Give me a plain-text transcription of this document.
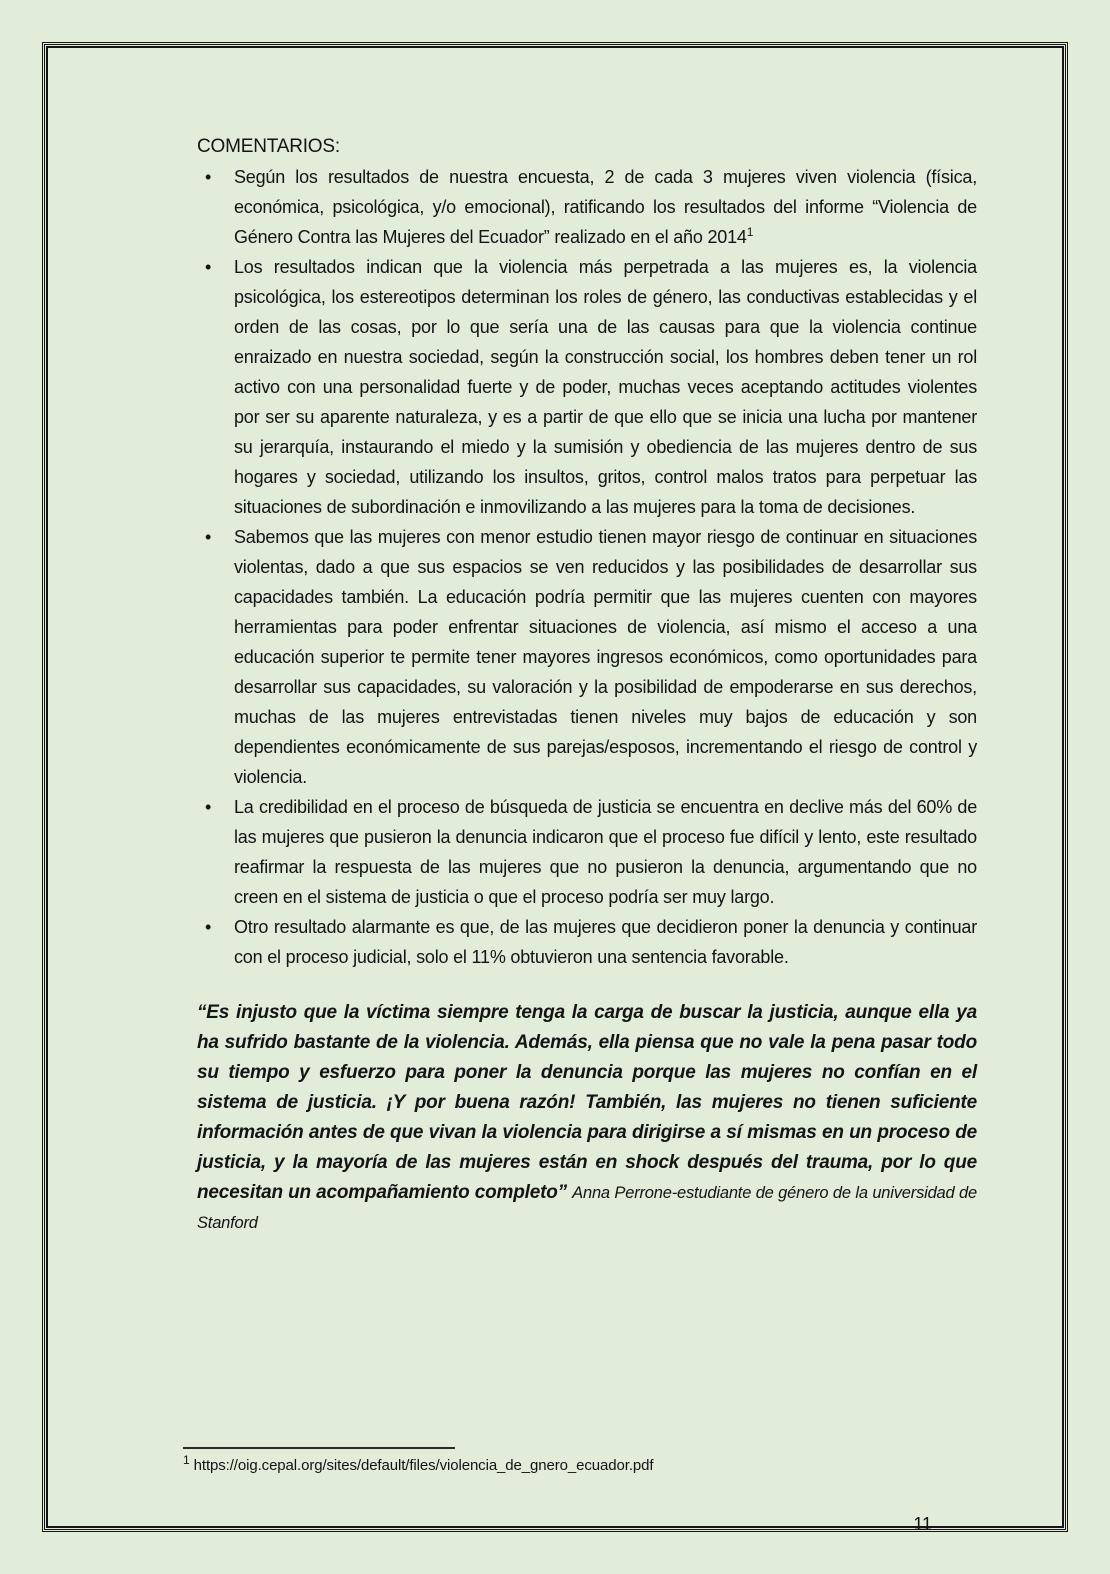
COMENTARIOS:
• Según los resultados de nuestra encuesta, 2 de cada 3 mujeres viven violencia (física, económica, psicológica, y/o emocional), ratificando los resultados del informe “Violencia de Género Contra las Mujeres del Ecuador” realizado en el año 2014$^1$
• Los resultados indican que la violencia más perpetrada a las mujeres es, la violencia psicológica, los estereotipos determinan los roles de género, las conductivas establecidas y el orden de las cosas, por lo que sería una de las causas para que la violencia continue enraizado en nuestra sociedad, según la construcción social, los hombres deben tener un rol activo con una personalidad fuerte y de poder, muchas veces aceptando actitudes violentes por ser su aparente naturaleza, y es a partir de que ello que se inicia una lucha por mantener su jerarquía, instaurando el miedo y la sumisión y obediencia de las mujeres dentro de sus hogares y sociedad, utilizando los insultos, gritos, control malos tratos para perpetuar las situaciones de subordinación e inmovilizando a las mujeres para la toma de decisiones.
• Sabemos que las mujeres con menor estudio tienen mayor riesgo de continuar en situaciones violentas, dado a que sus espacios se ven reducidos y las posibilidades de desarrollar sus capacidades también. La educación podría permitir que las mujeres cuenten con mayores herramientas para poder enfrentar situaciones de violencia, así mismo el acceso a una educación superior te permite tener mayores ingresos económicos, como oportunidades para desarrollar sus capacidades, su valoración y la posibilidad de empoderarse en sus derechos, muchas de las mujeres entrevistadas tienen niveles muy bajos de educación y son dependientes económicamente de sus parejas/esposos, incrementando el riesgo de control y violencia.
• La credibilidad en el proceso de búsqueda de justicia se encuentra en declive más del 60% de las mujeres que pusieron la denuncia indicaron que el proceso fue difícil y lento, este resultado reafirmar la respuesta de las mujeres que no pusieron la denuncia, argumentando que no creen en el sistema de justicia o que el proceso podría ser muy largo.
• Otro resultado alarmante es que, de las mujeres que decidieron poner la denuncia y continuar con el proceso judicial, solo el 11% obtuvieron una sentencia favorable.

“Es injusto que la víctima siempre tenga la carga de buscar la justicia, aunque ella ya ha sufrido bastante de la violencia. Además, ella piensa que no vale la pena pasar todo su tiempo y esfuerzo para poner la denuncia porque las mujeres no confían en el sistema de justicia. ¡Y por buena razón! También, las mujeres no tienen suficiente información antes de que vivan la violencia para dirigirse a sí mismas en un proceso de justicia, y la mayoría de las mujeres están en shock después del trauma, por lo que necesitan un acompañamiento completo” Anna Perrone-estudiante de género de la universidad de Stanford

$^1$ https://oig.cepal.org/sites/default/files/violencia_de_gnero_ecuador.pdf
11
